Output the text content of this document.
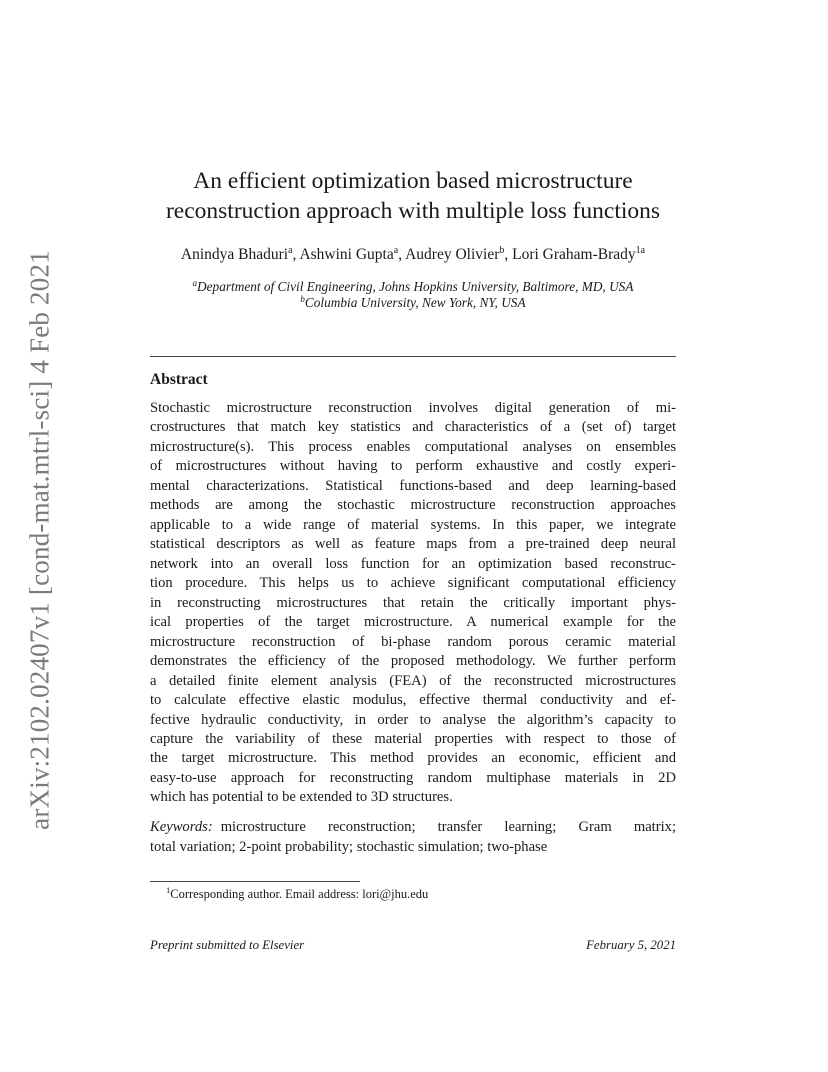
arXiv:2102.02407v1 [cond-mat.mtrl-sci] 4 Feb 2021
An efficient optimization based microstructure
reconstruction approach with multiple loss functions
Anindya Bhaduri$^a$, Ashwini Gupta$^a$, Audrey Olivier$^b$, Lori Graham-Brady$^{1a}$
$^a$Department of Civil Engineering, Johns Hopkins University, Baltimore, MD, USA
$^b$Columbia University, New York, NY, USA
Abstract
Stochastic microstructure reconstruction involves digital generation of mi-
crostructures that match key statistics and characteristics of a (set of) target
microstructure(s). This process enables computational analyses on ensembles
of microstructures without having to perform exhaustive and costly experi-
mental characterizations. Statistical functions-based and deep learning-based
methods are among the stochastic microstructure reconstruction approaches
applicable to a wide range of material systems. In this paper, we integrate
statistical descriptors as well as feature maps from a pre-trained deep neural
network into an overall loss function for an optimization based reconstruc-
tion procedure. This helps us to achieve significant computational efficiency
in reconstructing microstructures that retain the critically important phys-
ical properties of the target microstructure. A numerical example for the
microstructure reconstruction of bi-phase random porous ceramic material
demonstrates the efficiency of the proposed methodology. We further perform
a detailed finite element analysis (FEA) of the reconstructed microstructures
to calculate effective elastic modulus, effective thermal conductivity and ef-
fective hydraulic conductivity, in order to analyse the algorithm’s capacity to
capture the variability of these material properties with respect to those of
the target microstructure. This method provides an economic, efficient and
easy-to-use approach for reconstructing random multiphase materials in 2D
which has potential to be extended to 3D structures.
Keywords: microstructure reconstruction; transfer learning; Gram matrix;
total variation; 2-point probability; stochastic simulation; two-phase
$^1$Corresponding author. Email address: lori@jhu.edu
Preprint submitted to Elsevier	February 5, 2021
